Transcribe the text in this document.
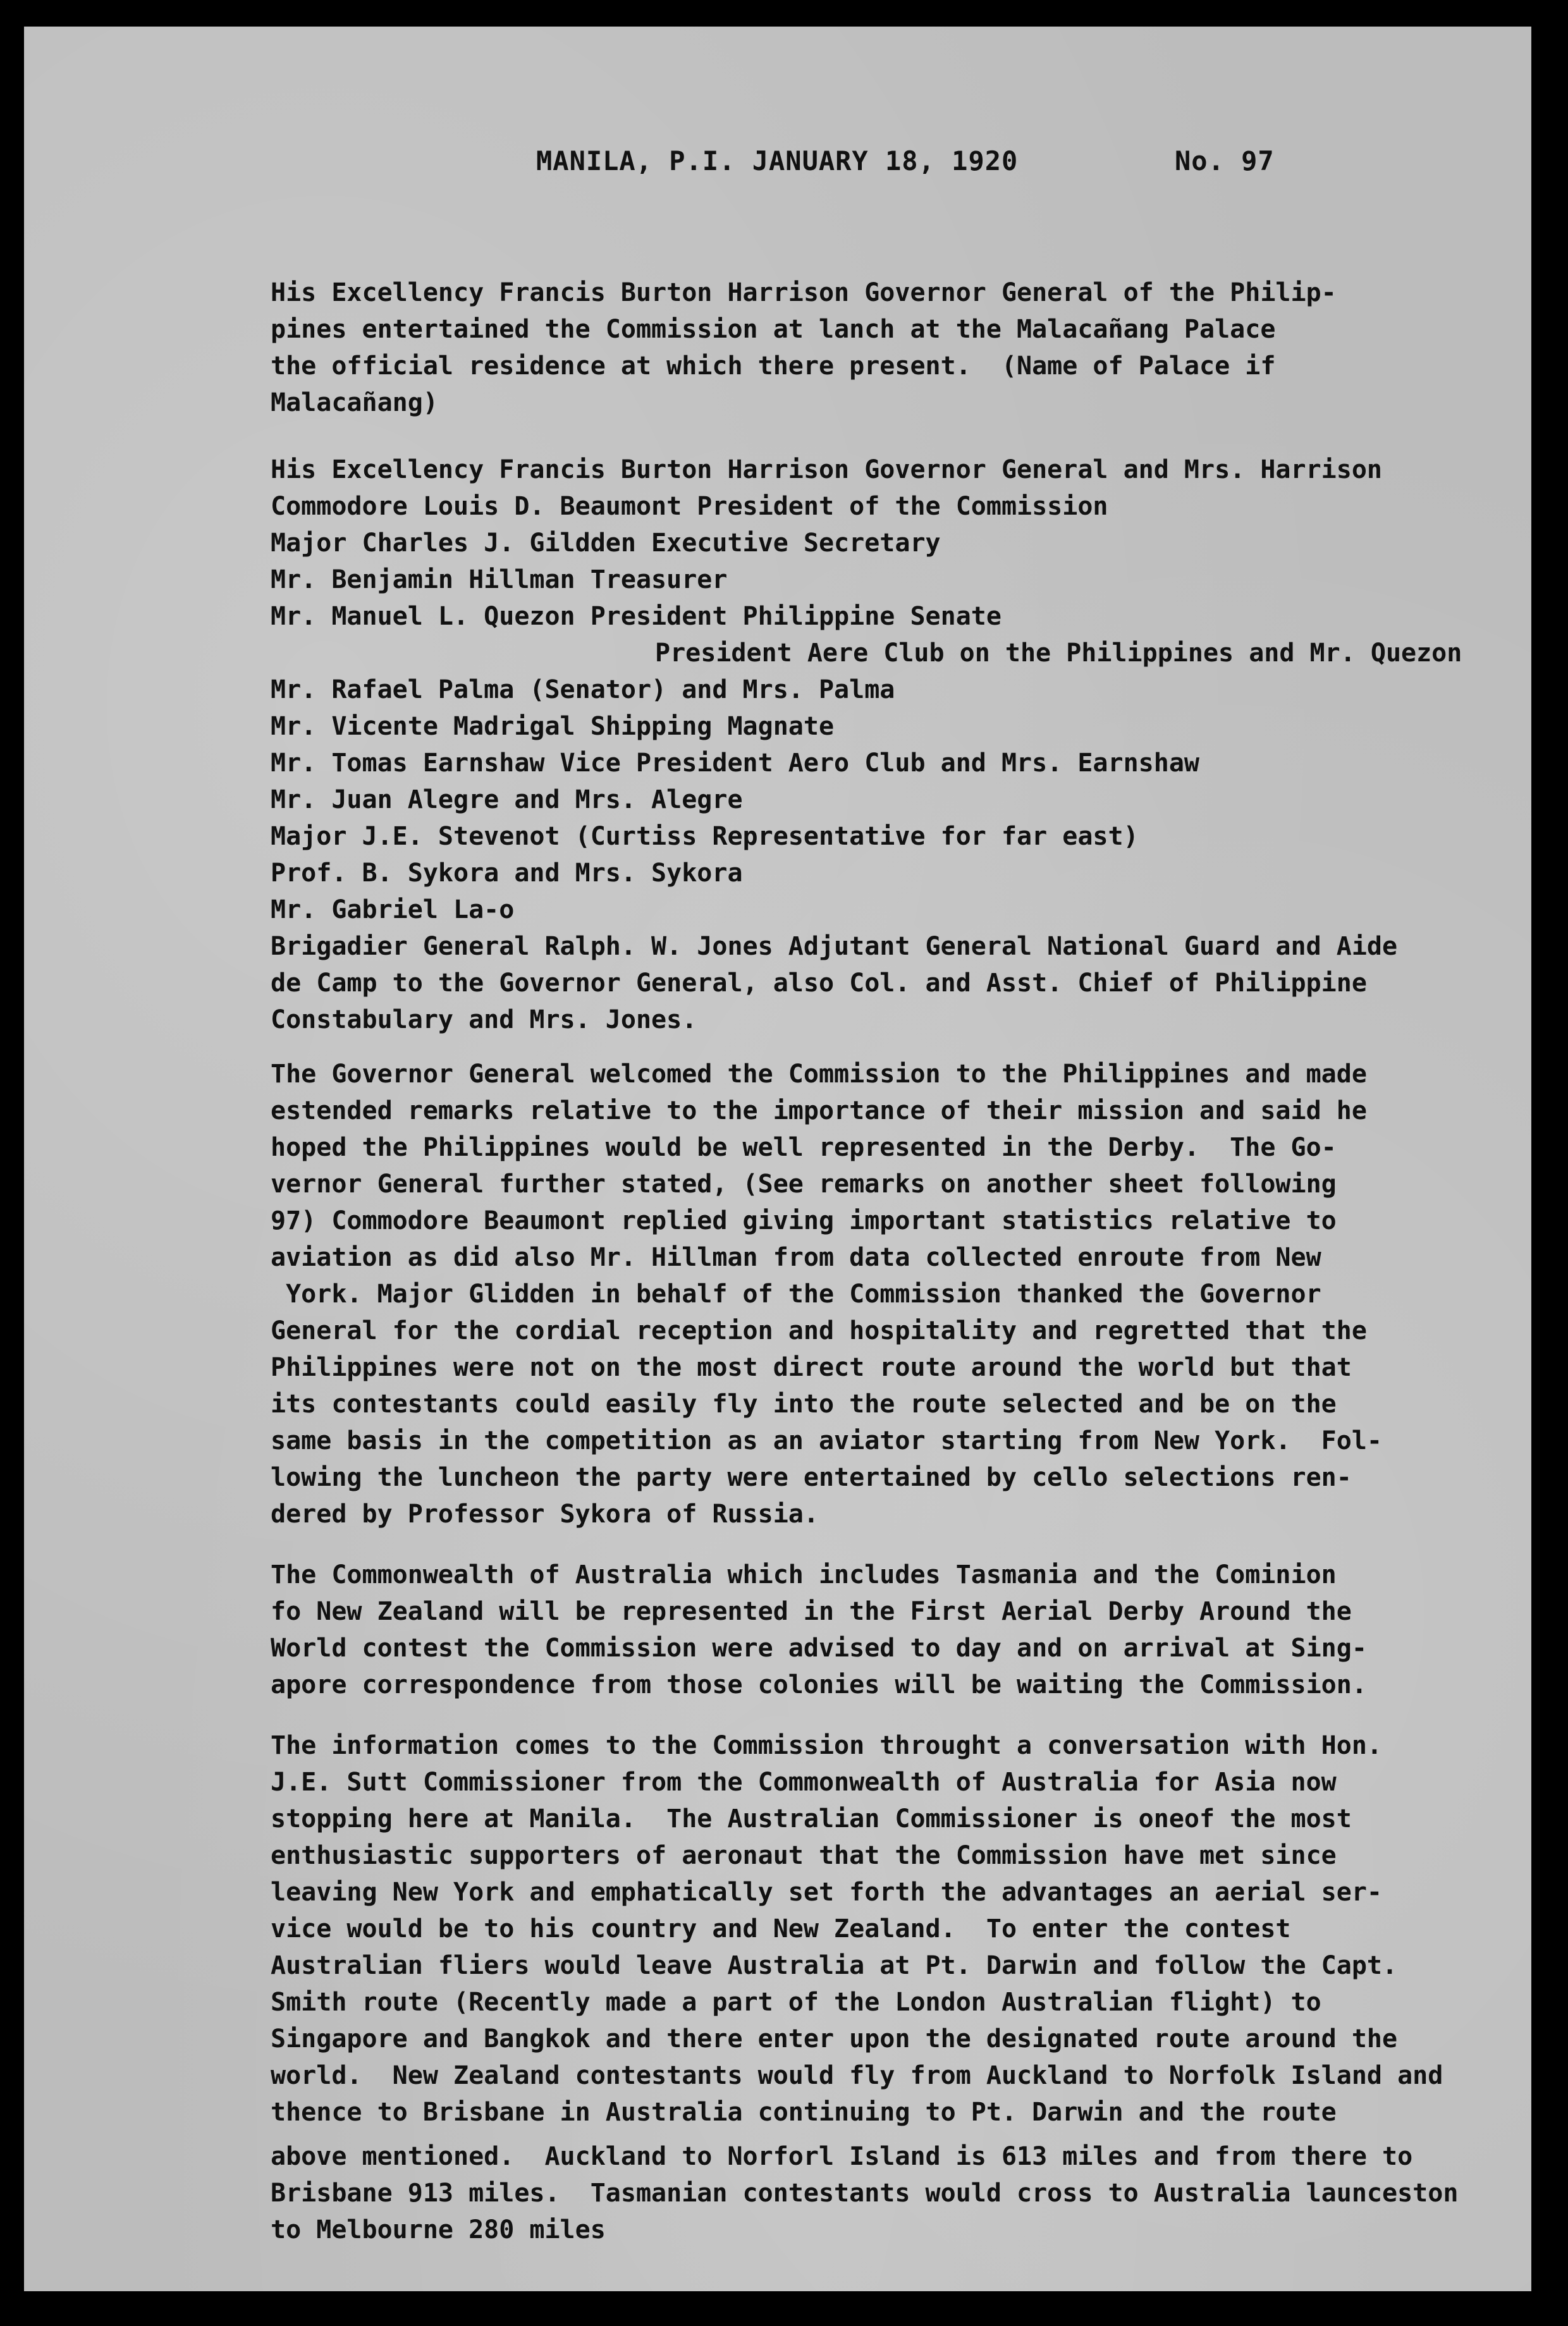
MANILA, P.I. JANUARY 18, 1920	No. 97
His Excellency Francis Burton Harrison Governor General of the Philip-
pines entertained the Commission at lanch at the Malacañang Palace
the official residence at which there present.  (Name of Palace if
Malacañang)
His Excellency Francis Burton Harrison Governor General and Mrs. Harrison
Commodore Louis D. Beaumont President of the Commission
Major Charles J. Gildden Executive Secretary
Mr. Benjamin Hillman Treasurer
Mr. Manuel L. Quezon President Philippine Senate
President Aere Club on the Philippines and Mr. Quezon
Mr. Rafael Palma (Senator) and Mrs. Palma
Mr. Vicente Madrigal Shipping Magnate
Mr. Tomas Earnshaw Vice President Aero Club and Mrs. Earnshaw
Mr. Juan Alegre and Mrs. Alegre
Major J.E. Stevenot (Curtiss Representative for far east)
Prof. B. Sykora and Mrs. Sykora
Mr. Gabriel La-o
Brigadier General Ralph. W. Jones Adjutant General National Guard and Aide
de Camp to the Governor General, also Col. and Asst. Chief of Philippine
Constabulary and Mrs. Jones.
The Governor General welcomed the Commission to the Philippines and made
estended remarks relative to the importance of their mission and said he
hoped the Philippines would be well represented in the Derby.  The Go-
vernor General further stated, (See remarks on another sheet following
97) Commodore Beaumont replied giving important statistics relative to
aviation as did also Mr. Hillman from data collected enroute from New
York. Major Glidden in behalf of the Commission thanked the Governor
General for the cordial reception and hospitality and regretted that the
Philippines were not on the most direct route around the world but that
its contestants could easily fly into the route selected and be on the
same basis in the competition as an aviator starting from New York.  Fol-
lowing the luncheon the party were entertained by cello selections ren-
dered by Professor Sykora of Russia.
The Commonwealth of Australia which includes Tasmania and the Cominion
fo New Zealand will be represented in the First Aerial Derby Around the
World contest the Commission were advised to day and on arrival at Sing-
apore correspondence from those colonies will be waiting the Commission.
The information comes to the Commission throught a conversation with Hon.
J.E. Sutt Commissioner from the Commonwealth of Australia for Asia now
stopping here at Manila.  The Australian Commissioner is oneof the most
enthusiastic supporters of aeronaut that the Commission have met since
leaving New York and emphatically set forth the advantages an aerial ser-
vice would be to his country and New Zealand.  To enter the contest
Australian fliers would leave Australia at Pt. Darwin and follow the Capt.
Smith route (Recently made a part of the London Australian flight) to
Singapore and Bangkok and there enter upon the designated route around the
world.  New Zealand contestants would fly from Auckland to Norfolk Island and
thence to Brisbane in Australia continuing to Pt. Darwin and the route
above mentioned.  Auckland to Norforl Island is 613 miles and from there to
Brisbane 913 miles.  Tasmanian contestants would cross to Australia launceston
to Melbourne 280 miles
